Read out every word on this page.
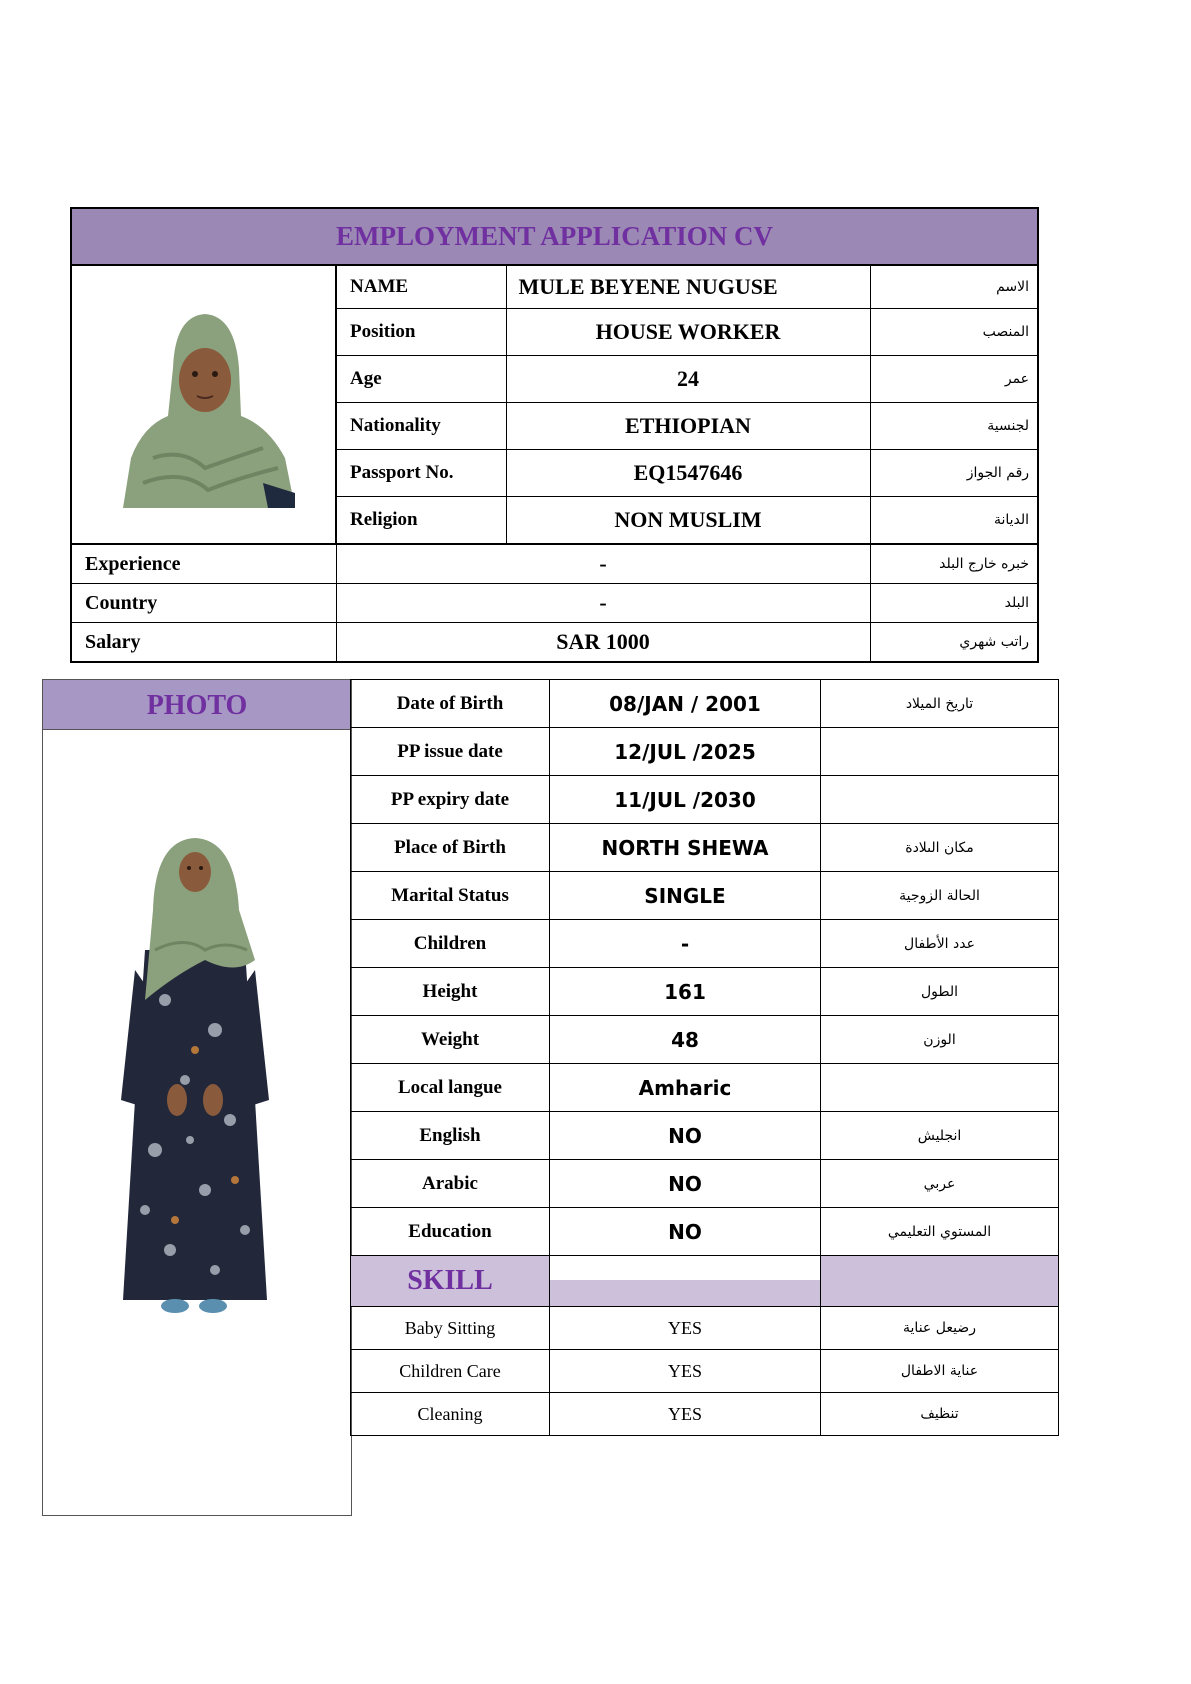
EMPLOYMENT APPLICATION CV			

	NAME	MULE BEYENE NUGUSE	الاسم
	Position	HOUSE WORKER	المنصب
	Age	24	عمر
	Nationality	ETHIOPIAN	لجنسية
	Passport No.	EQ1547646	رقم الجواز
	Religion	NON MUSLIM	الديانة
Experience	-		خبره خارج البلد
Country	-		البلد
Salary	SAR 1000		راتب شهري
PHOTO	Date of Birth	08/JAN / 2001	تاريخ الميلاد
PP issue date	12/JUL /2025	
PP expiry date	11/JUL /2030	
Place of Birth	NORTH SHEWA	مكان الىلادة
Marital Status	SINGLE	الحالة الزوجية
Children	-	عدد الأطفال
Height	161	الطول
Weight	48	الوزن
Local langue	Amharic	
English	NO	انجليش
Arabic	NO	عربي
Education	NO	المستوي التعليمي
SKILL	

Baby Sitting	YES	رضيعل عناية
Children Care	YES	عناية الاطفال
Cleaning	YES	تنظيف
